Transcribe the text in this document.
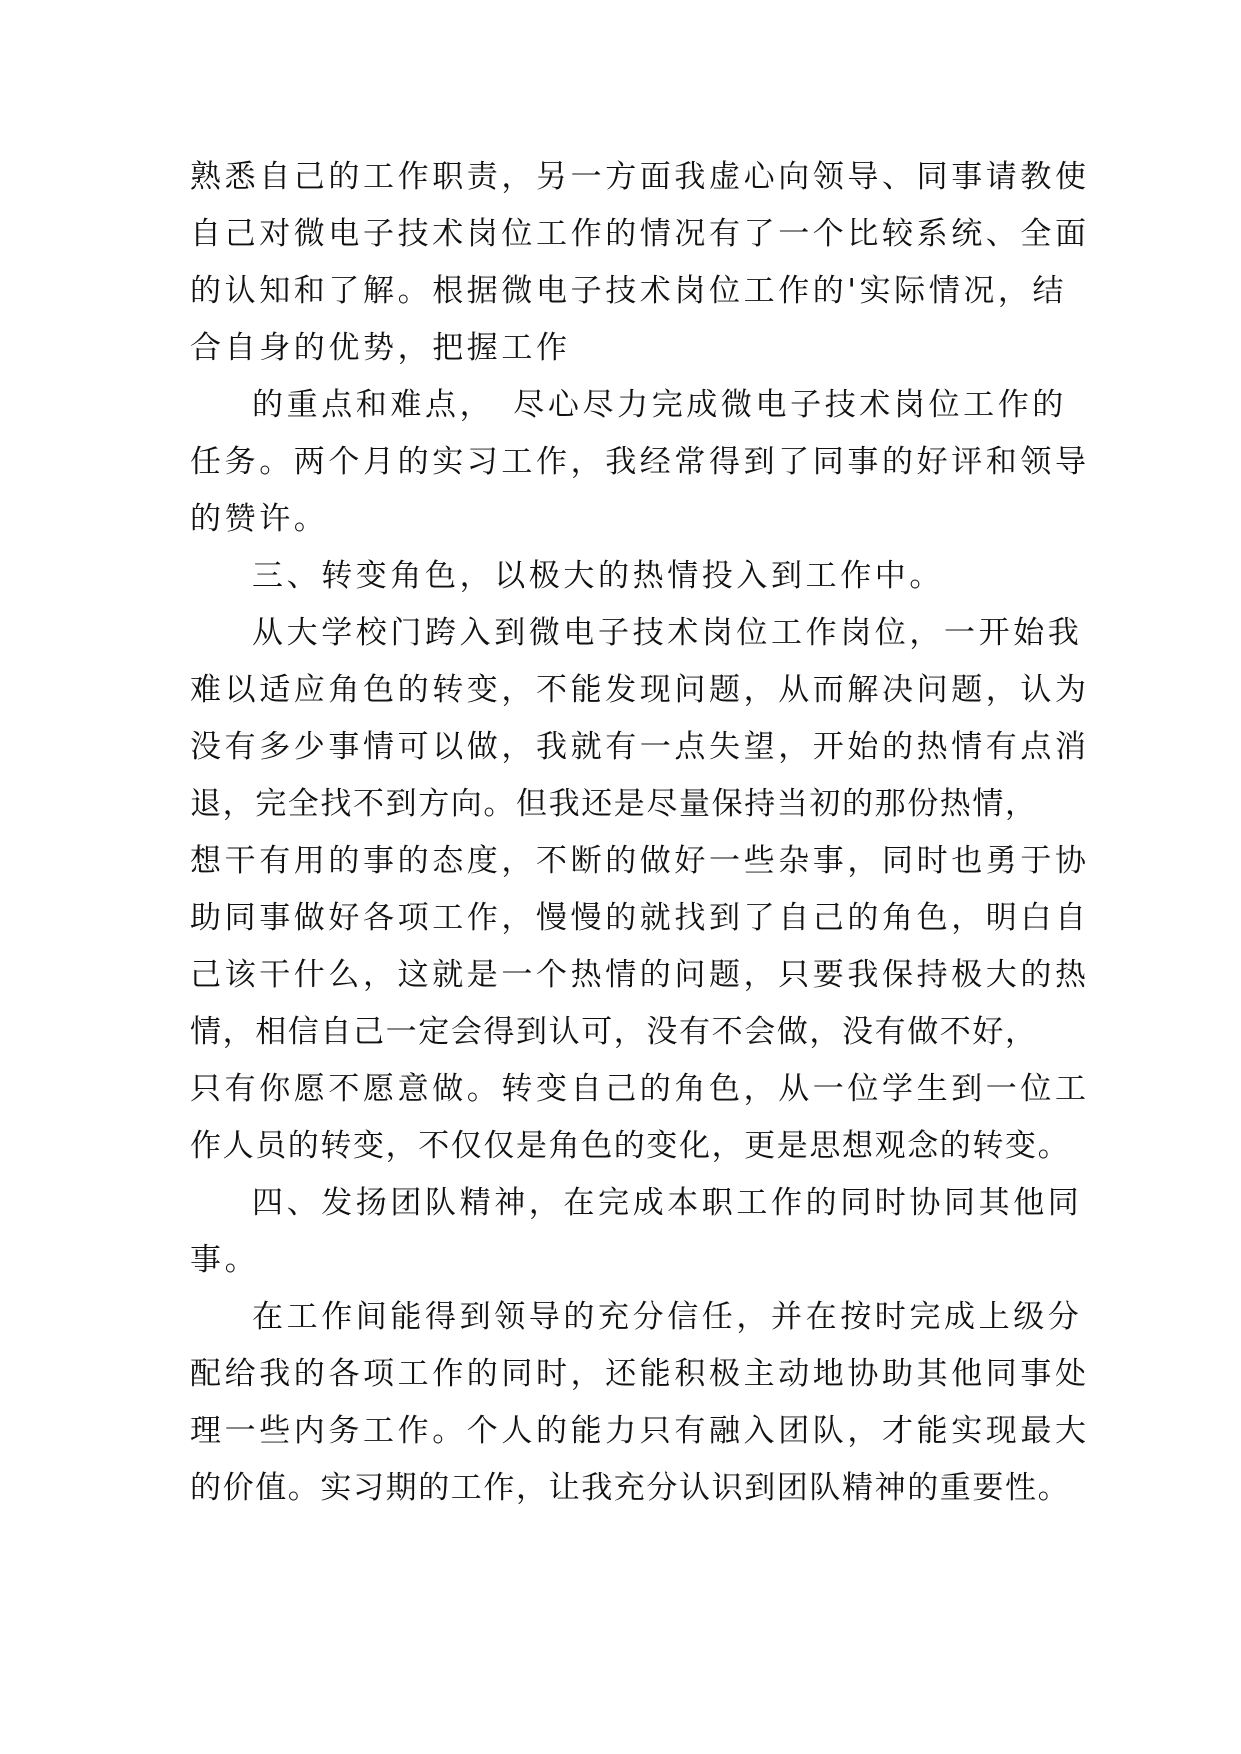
熟悉自己的工作职责，另一方面我虚心向领导、同事请教使
自己对微电子技术岗位工作的情况有了一个比较系统、全面
的认知和了解。根据微电子技术岗位工作的'实际情况，结
合自身的优势，把握工作
的重点和难点，　尽心尽力完成微电子技术岗位工作的
任务。两个月的实习工作，我经常得到了同事的好评和领导
的赞许。
三、转变角色，以极大的热情投入到工作中。
从大学校门跨入到微电子技术岗位工作岗位，一开始我
难以适应角色的转变，不能发现问题，从而解决问题，认为
没有多少事情可以做，我就有一点失望，开始的热情有点消
退，完全找不到方向。但我还是尽量保持当初的那份热情，
想干有用的事的态度，不断的做好一些杂事，同时也勇于协
助同事做好各项工作，慢慢的就找到了自己的角色，明白自
己该干什么，这就是一个热情的问题，只要我保持极大的热
情，相信自己一定会得到认可，没有不会做，没有做不好，
只有你愿不愿意做。转变自己的角色，从一位学生到一位工
作人员的转变，不仅仅是角色的变化，更是思想观念的转变。
四、发扬团队精神，在完成本职工作的同时协同其他同
事。
在工作间能得到领导的充分信任，并在按时完成上级分
配给我的各项工作的同时，还能积极主动地协助其他同事处
理一些内务工作。个人的能力只有融入团队，才能实现最大
的价值。实习期的工作，让我充分认识到团队精神的重要性。
